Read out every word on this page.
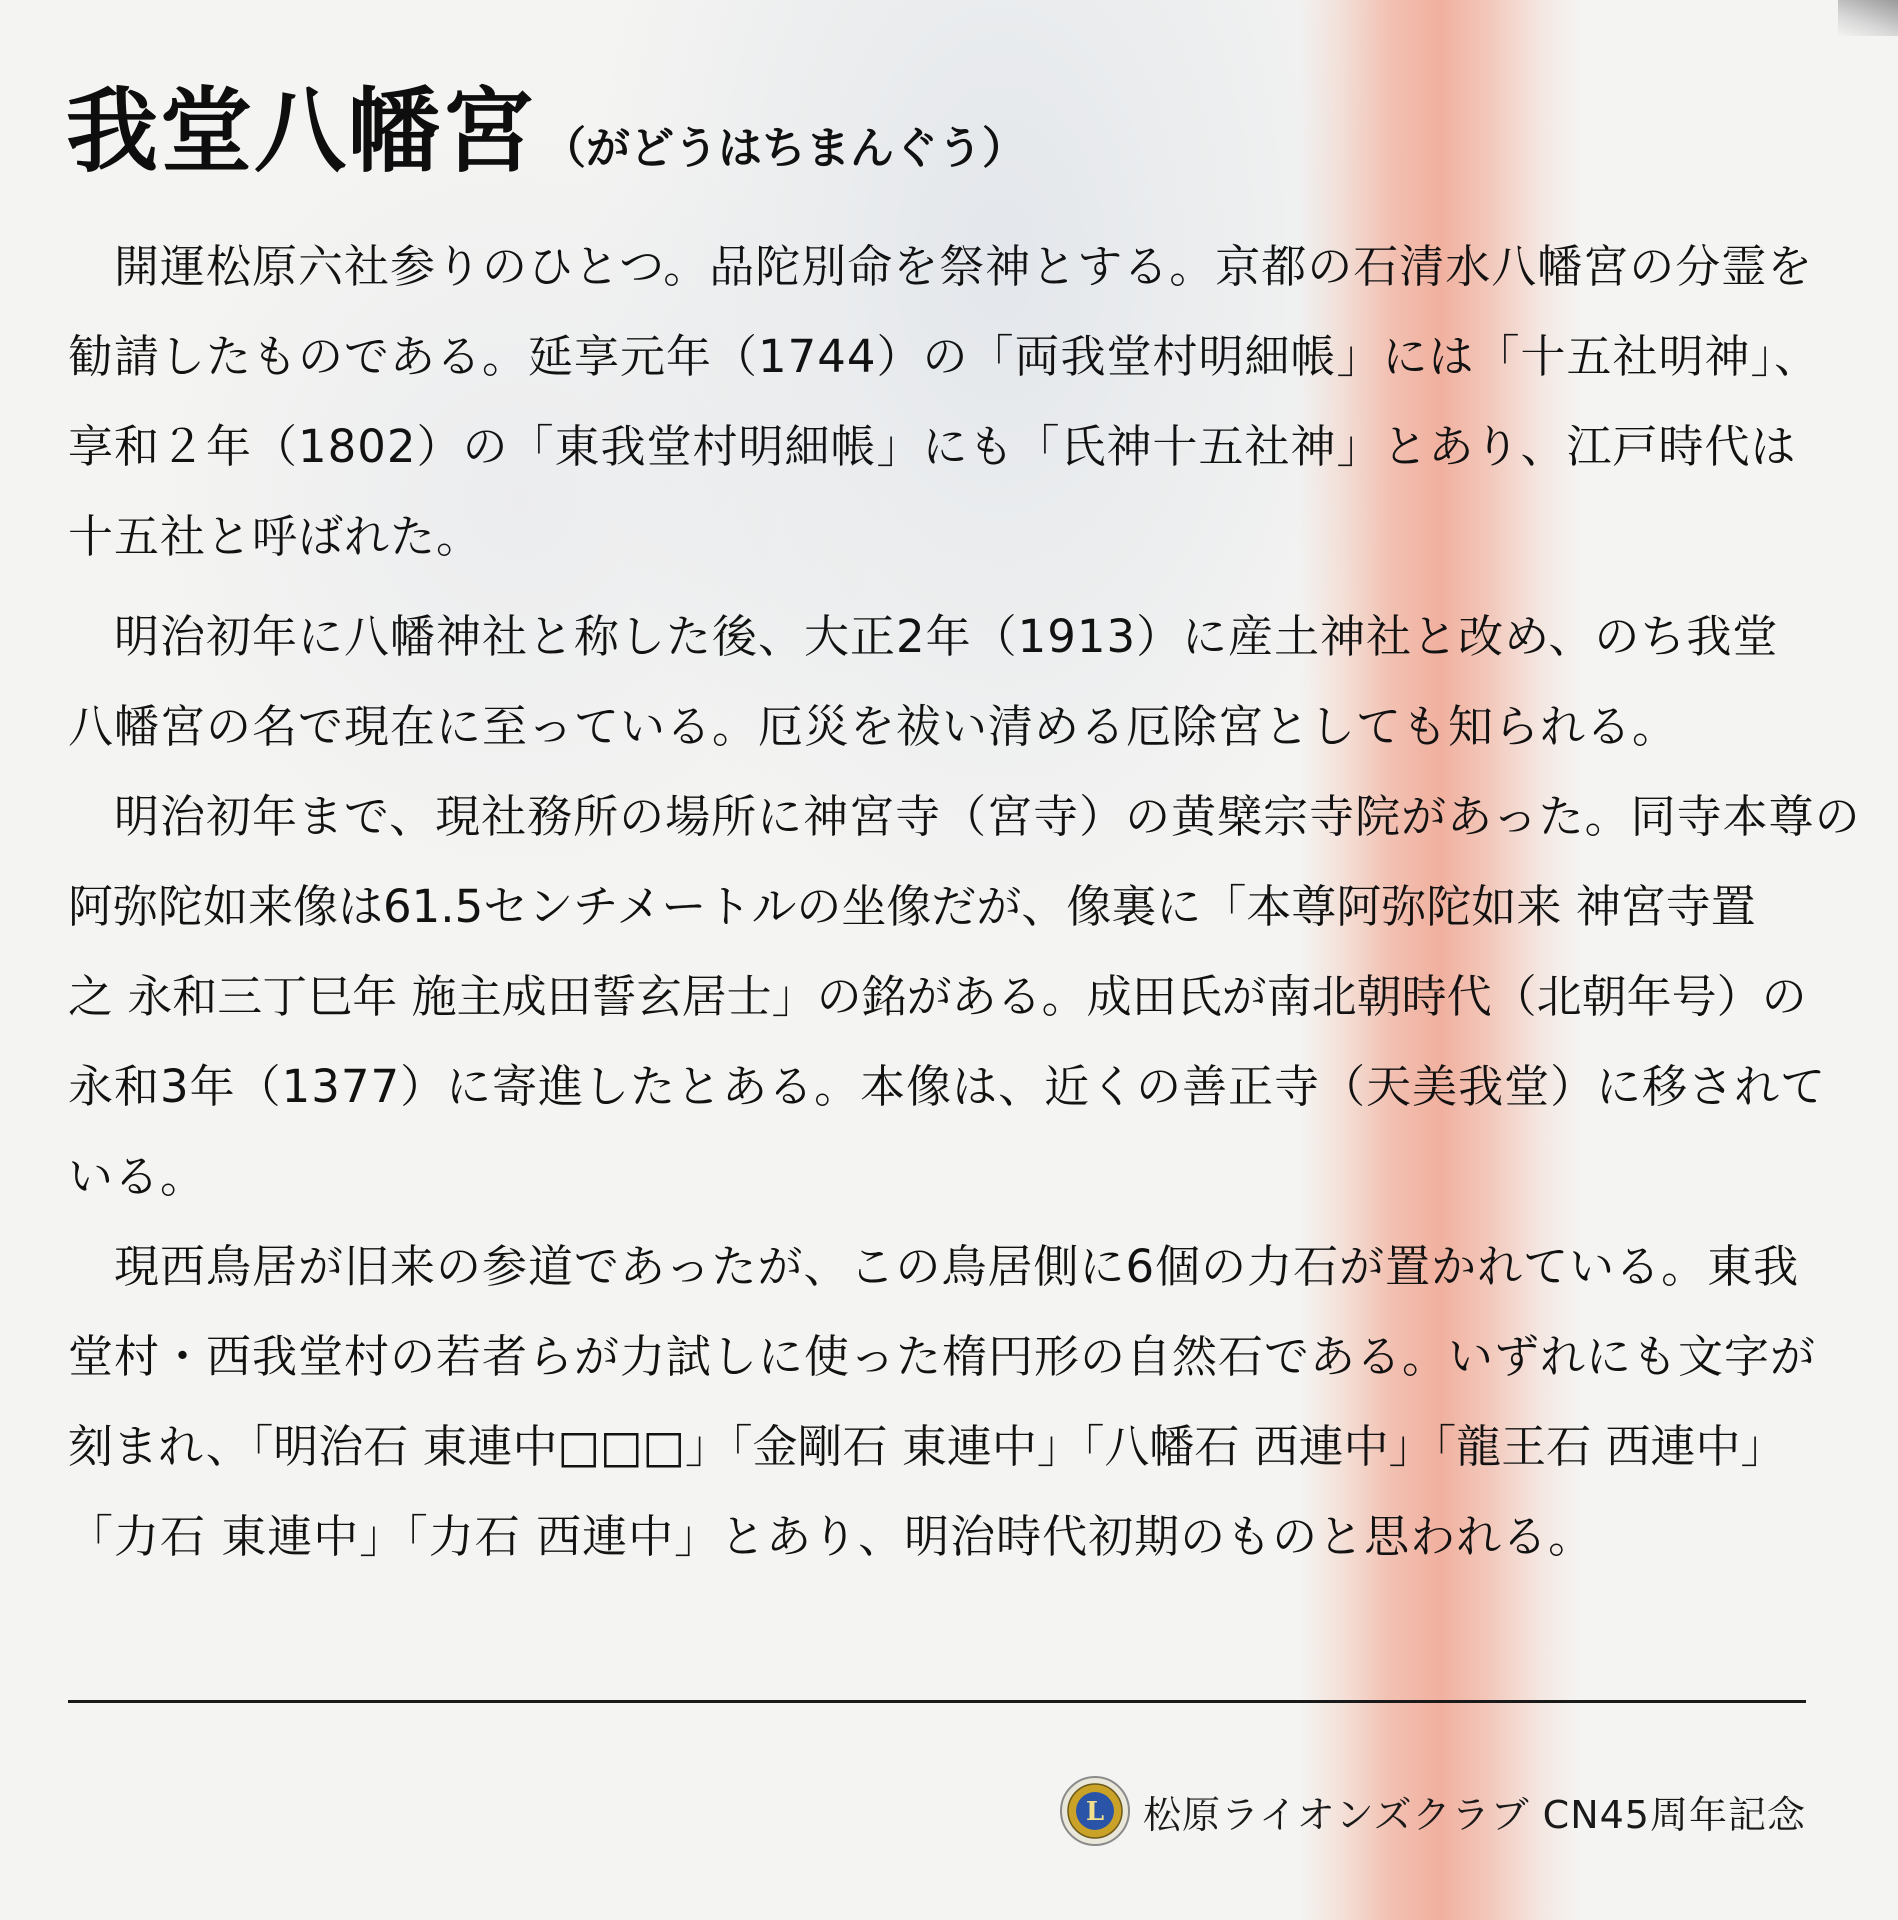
我堂八幡宮 （がどうはちまんぐう）
開運松原六社参りのひとつ。品陀別命を祭神とする。京都の石清水八幡宮の分霊を
勧請したものである。延享元年（1744）の「両我堂村明細帳」には「十五社明神」、
享和２年（1802）の「東我堂村明細帳」にも「氏神十五社神」とあり、江戸時代は
十五社と呼ばれた。
明治初年に八幡神社と称した後、大正2年（1913）に産土神社と改め、のち我堂
八幡宮の名で現在に至っている。厄災を祓い清める厄除宮としても知られる。
明治初年まで、現社務所の場所に神宮寺（宮寺）の黄檗宗寺院があった。同寺本尊の
阿弥陀如来像は61.5センチメートルの坐像だが、像裏に「本尊阿弥陀如来 神宮寺置
之 永和三丁巳年 施主成田誓玄居士」の銘がある。成田氏が南北朝時代（北朝年号）の
永和3年（1377）に寄進したとある。本像は、近くの善正寺（天美我堂）に移されて
いる。
現西鳥居が旧来の参道であったが、この鳥居側に6個の力石が置かれている。東我
堂村・西我堂村の若者らが力試しに使った楕円形の自然石である。いずれにも文字が
刻まれ、「明治石 東連中□□□」「金剛石 東連中」「八幡石 西連中」「龍王石 西連中」
「力石 東連中」「力石 西連中」とあり、明治時代初期のものと思われる。
L 松原ライオンズクラブ CN45周年記念
